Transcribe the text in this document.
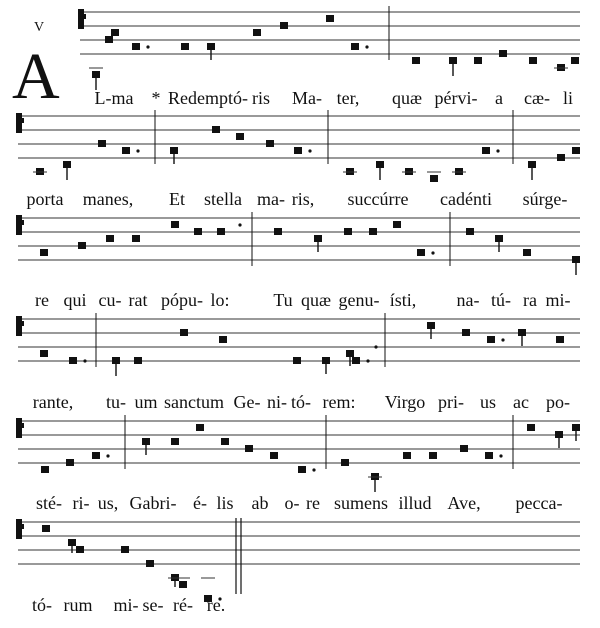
V
A L-ma * Redemptó- ris Ma- ter, quæ pérvi- a cæ- li
porta manes, Et stella ma- ris, succúrre cadénti súrge-
re qui cu- rat pópu- lo: Tu quæ genu- ísti, na- tú- ra mi-
rante, tu- um sanctum Ge- ni- tó- rem: Virgo pri- us ac po-
sté- ri- us, Gabri- é- lis ab o- re sumens illud Ave, pecca-
tó- rum mi- se- ré- re.
